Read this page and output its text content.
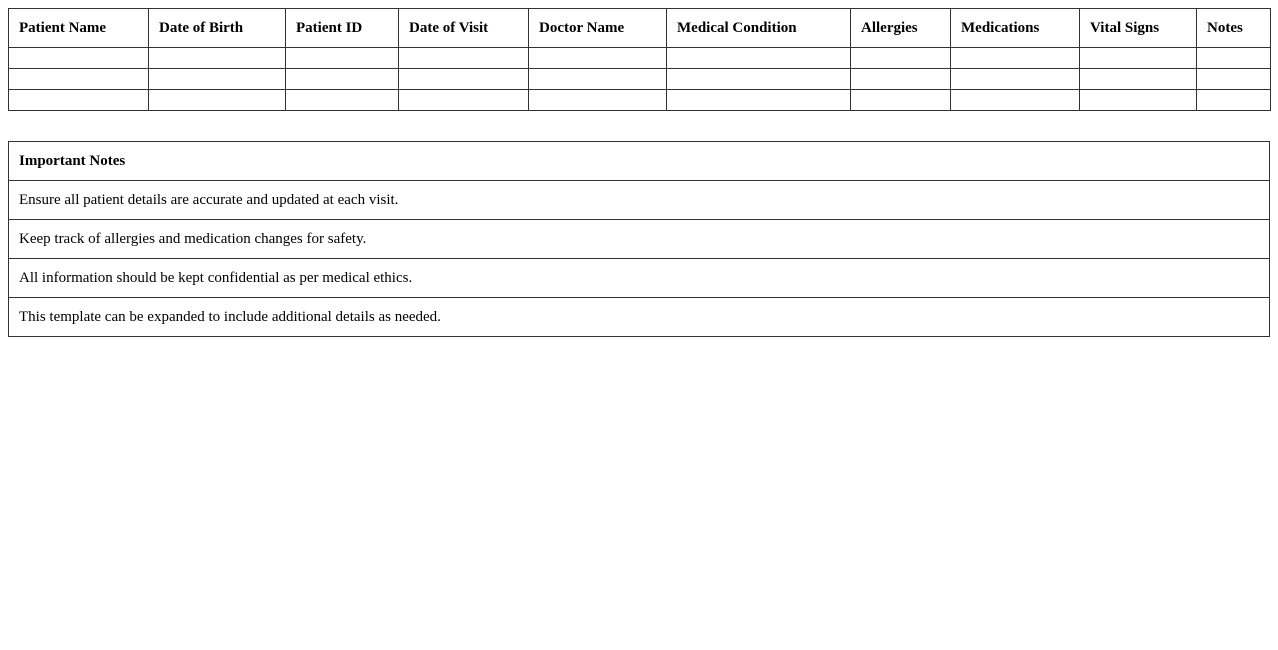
Patient Name	Date of Birth	Patient ID	Date of Visit	Doctor Name	Medical Condition	Allergies	Medications	Vital Signs	Notes

Important Notes
Ensure all patient details are accurate and updated at each visit.
Keep track of allergies and medication changes for safety.
All information should be kept confidential as per medical ethics.
This template can be expanded to include additional details as needed.
